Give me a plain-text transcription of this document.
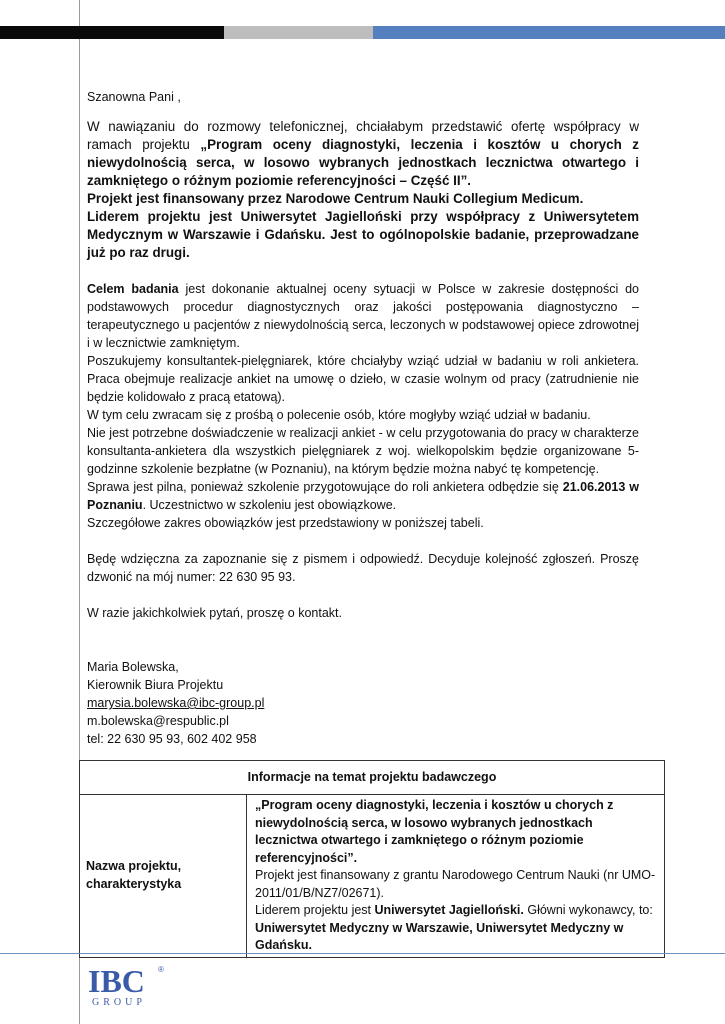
Szanowna Pani ,
W nawiązaniu do rozmowy telefonicznej, chciałabym przedstawić ofertę współpracy w ramach projektu „Program oceny diagnostyki, leczenia i kosztów u chorych z niewydolnością serca, w losowo wybranych jednostkach lecznictwa otwartego i zamkniętego o różnym poziomie referencyjności – Część II”.
Projekt jest finansowany przez Narodowe Centrum Nauki Collegium Medicum.
Liderem projektu jest Uniwersytet Jagielloński przy współpracy z Uniwersytetem Medycznym w Warszawie i Gdańsku. Jest to ogólnopolskie badanie, przeprowadzane już po raz drugi.
Celem badania jest dokonanie aktualnej oceny sytuacji w Polsce w zakresie dostępności do podstawowych procedur diagnostycznych oraz jakości postępowania diagnostyczno – terapeutycznego u pacjentów z niewydolnością serca, leczonych w podstawowej opiece zdrowotnej i w lecznictwie zamkniętym.
Poszukujemy konsultantek-pielęgniarek, które chciałyby wziąć udział w badaniu w roli ankietera. Praca obejmuje realizacje ankiet na umowę o dzieło, w czasie wolnym od pracy (zatrudnienie nie będzie kolidowało z pracą etatową).
W tym celu zwracam się z prośbą o polecenie osób, które mogłyby wziąć udział w badaniu.
Nie jest potrzebne doświadczenie w realizacji ankiet - w celu przygotowania do pracy w charakterze konsultanta-ankietera dla wszystkich pielęgniarek z woj. wielkopolskim będzie organizowane 5-godzinne szkolenie bezpłatne (w Poznaniu), na którym będzie można nabyć tę kompetencję.
Sprawa jest pilna, ponieważ szkolenie przygotowujące do roli ankietera odbędzie się 21.06.2013 w Poznaniu. Uczestnictwo w szkoleniu jest obowiązkowe.
Szczegółowe zakres obowiązków jest przedstawiony w poniższej tabeli.
Będę wdzięczna za zapoznanie się z pismem i odpowiedź. Decyduje kolejność zgłoszeń. Proszę dzwonić na mój numer: 22 630 95 93.
W razie jakichkolwiek pytań, proszę o kontakt.
Maria Bolewska,
Kierownik Biura Projektu
marysia.bolewska@ibc-group.pl
m.bolewska@respublic.pl
tel: 22 630 95 93, 602 402 958
Informacje na temat projektu badawczego
Nazwa projektu, charakterystyka	„Program oceny diagnostyki, leczenia i kosztów u chorych z niewydolnością serca, w losowo wybranych jednostkach lecznictwa otwartego i zamkniętego o różnym poziomie referencyjności”.
Projekt jest finansowany z grantu Narodowego Centrum Nauki (nr UMO-2011/01/B/NZ7/02671).
Liderem projektu jest Uniwersytet Jagielloński. Główni wykonawcy, to: Uniwersytet Medyczny w Warszawie, Uniwersytet Medyczny w Gdańsku.
IBC ®
GROUP
